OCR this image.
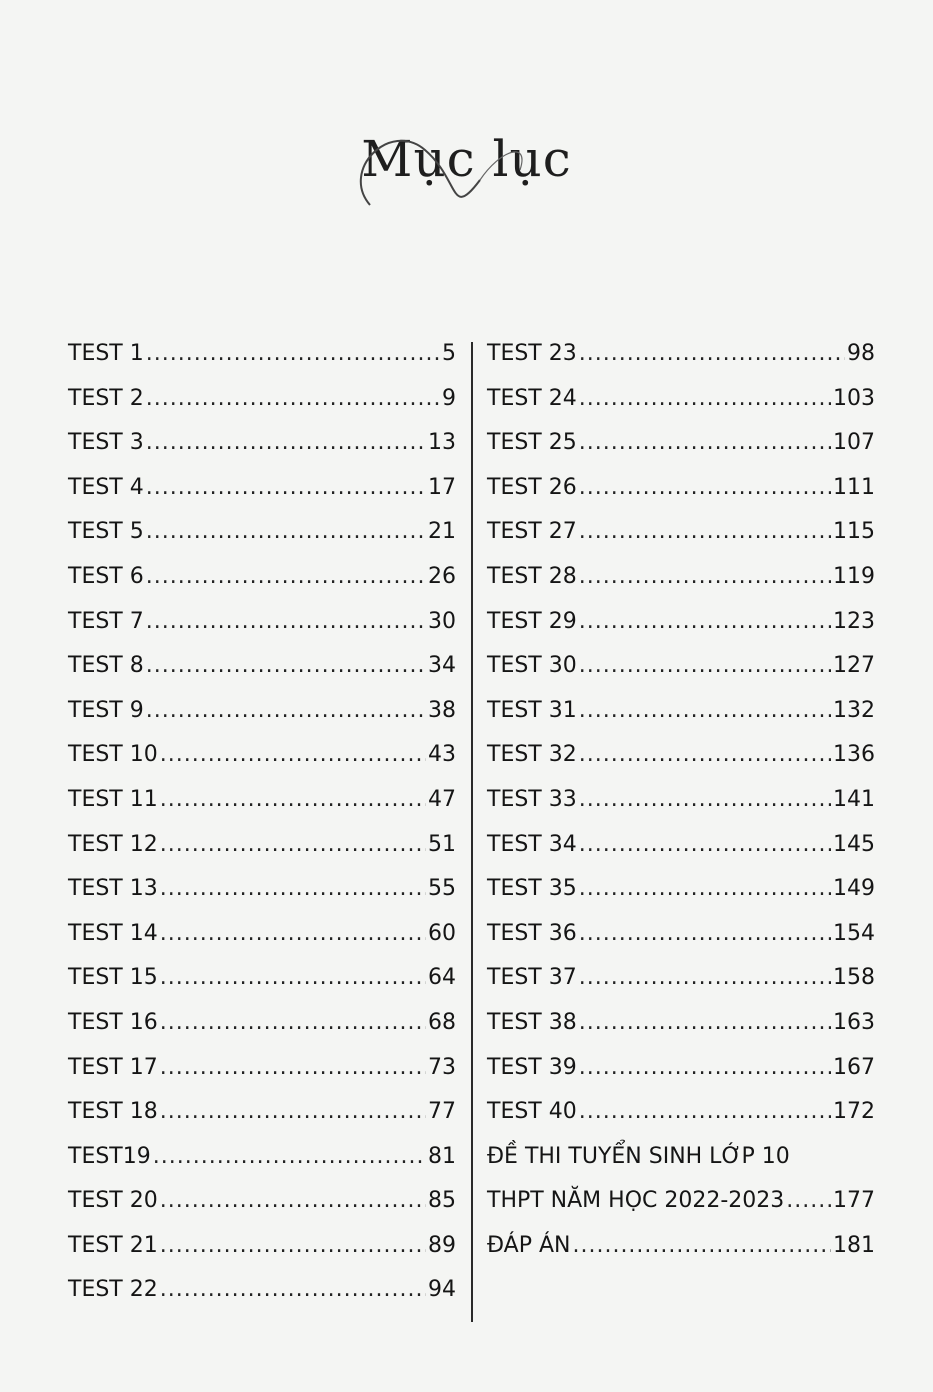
Mục lục
TEST 1 .....	5
TEST 2 .....	9
TEST 3 .....	13
TEST 4 .....	17
TEST 5 .....	21
TEST 6 .....	26
TEST 7 .....	30
TEST 8 .....	34
TEST 9 .....	38
TEST 10 .....	43
TEST 11 .....	47
TEST 12 .....	51
TEST 13 .....	55
TEST 14 .....	60
TEST 15 .....	64
TEST 16 .....	68
TEST 17 .....	73
TEST 18 .....	77
TEST19 .....	81
TEST 20 .....	85
TEST 21 .....	89
TEST 22 .....	94
TEST 23 .....	98
TEST 24 .....	103
TEST 25 .....	107
TEST 26 .....	111
TEST 27 .....	115
TEST 28 .....	119
TEST 29 .....	123
TEST 30 .....	127
TEST 31 .....	132
TEST 32 .....	136
TEST 33 .....	141
TEST 34 .....	145
TEST 35 .....	149
TEST 36 .....	154
TEST 37 .....	158
TEST 38 .....	163
TEST 39 .....	167
TEST 40 .....	172
ĐỀ THI TUYỂN SINH LỚP 10
THPT NĂM HỌC 2022-2023 ..... 177
ĐÁP ÁN .....	181
